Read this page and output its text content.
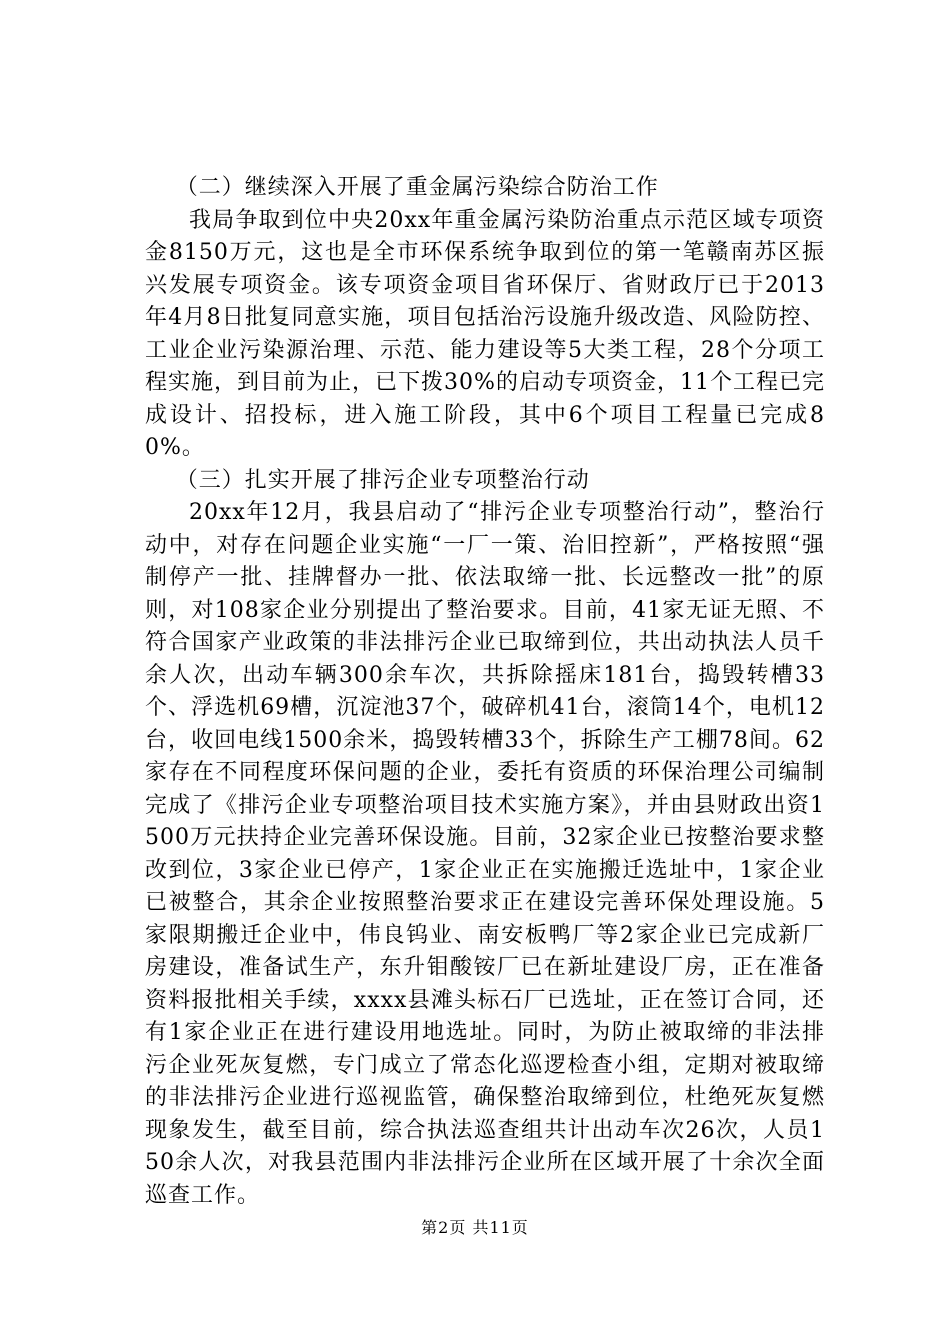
（二）继续深入开展了重金属污染综合防治工作

我局争取到位中央20xx年重金属污染防治重点示范区域专项资金8150万元，这也是全市环保系统争取到位的第一笔赣南苏区振兴发展专项资金。该专项资金项目省环保厅、省财政厅已于2013年4月8日批复同意实施，项目包括治污设施升级改造、风险防控、工业企业污染源治理、示范、能力建设等5大类工程，28个分项工程实施，到目前为止，已下拨30%的启动专项资金，11个工程已完成设计、招投标，进入施工阶段，其中6个项目工程量已完成80%。

（三）扎实开展了排污企业专项整治行动

20xx年12月，我县启动了“排污企业专项整治行动”，整治行动中，对存在问题企业实施“一厂一策、治旧控新”，严格按照“强制停产一批、挂牌督办一批、依法取缔一批、长远整改一批”的原则，对108家企业分别提出了整治要求。目前，41家无证无照、不符合国家产业政策的非法排污企业已取缔到位，共出动执法人员千余人次，出动车辆300余车次，共拆除摇床181台，捣毁转槽33个、浮选机69槽，沉淀池37个，破碎机41台，滚筒14个，电机12台，收回电线1500余米，捣毁转槽33个，拆除生产工棚78间。62家存在不同程度环保问题的企业，委托有资质的环保治理公司编制完成了《排污企业专项整治项目技术实施方案》，并由县财政出资1500万元扶持企业完善环保设施。目前，32家企业已按整治要求整改到位，3家企业已停产，1家企业正在实施搬迁选址中，1家企业已被整合，其余企业按照整治要求正在建设完善环保处理设施。5家限期搬迁企业中，伟良钨业、南安板鸭厂等2家企业已完成新厂房建设，准备试生产，东升钼酸铵厂已在新址建设厂房，正在准备资料报批相关手续，xxxx县滩头标石厂已选址，正在签订合同，还有1家企业正在进行建设用地选址。同时，为防止被取缔的非法排污企业死灰复燃，专门成立了常态化巡逻检查小组，定期对被取缔的非法排污企业进行巡视监管，确保整治取缔到位，杜绝死灰复燃现象发生，截至目前，综合执法巡查组共计出动车次26次，人员150余人次，对我县范围内非法排污企业所在区域开展了十余次全面巡查工作。

第2页 共11页
